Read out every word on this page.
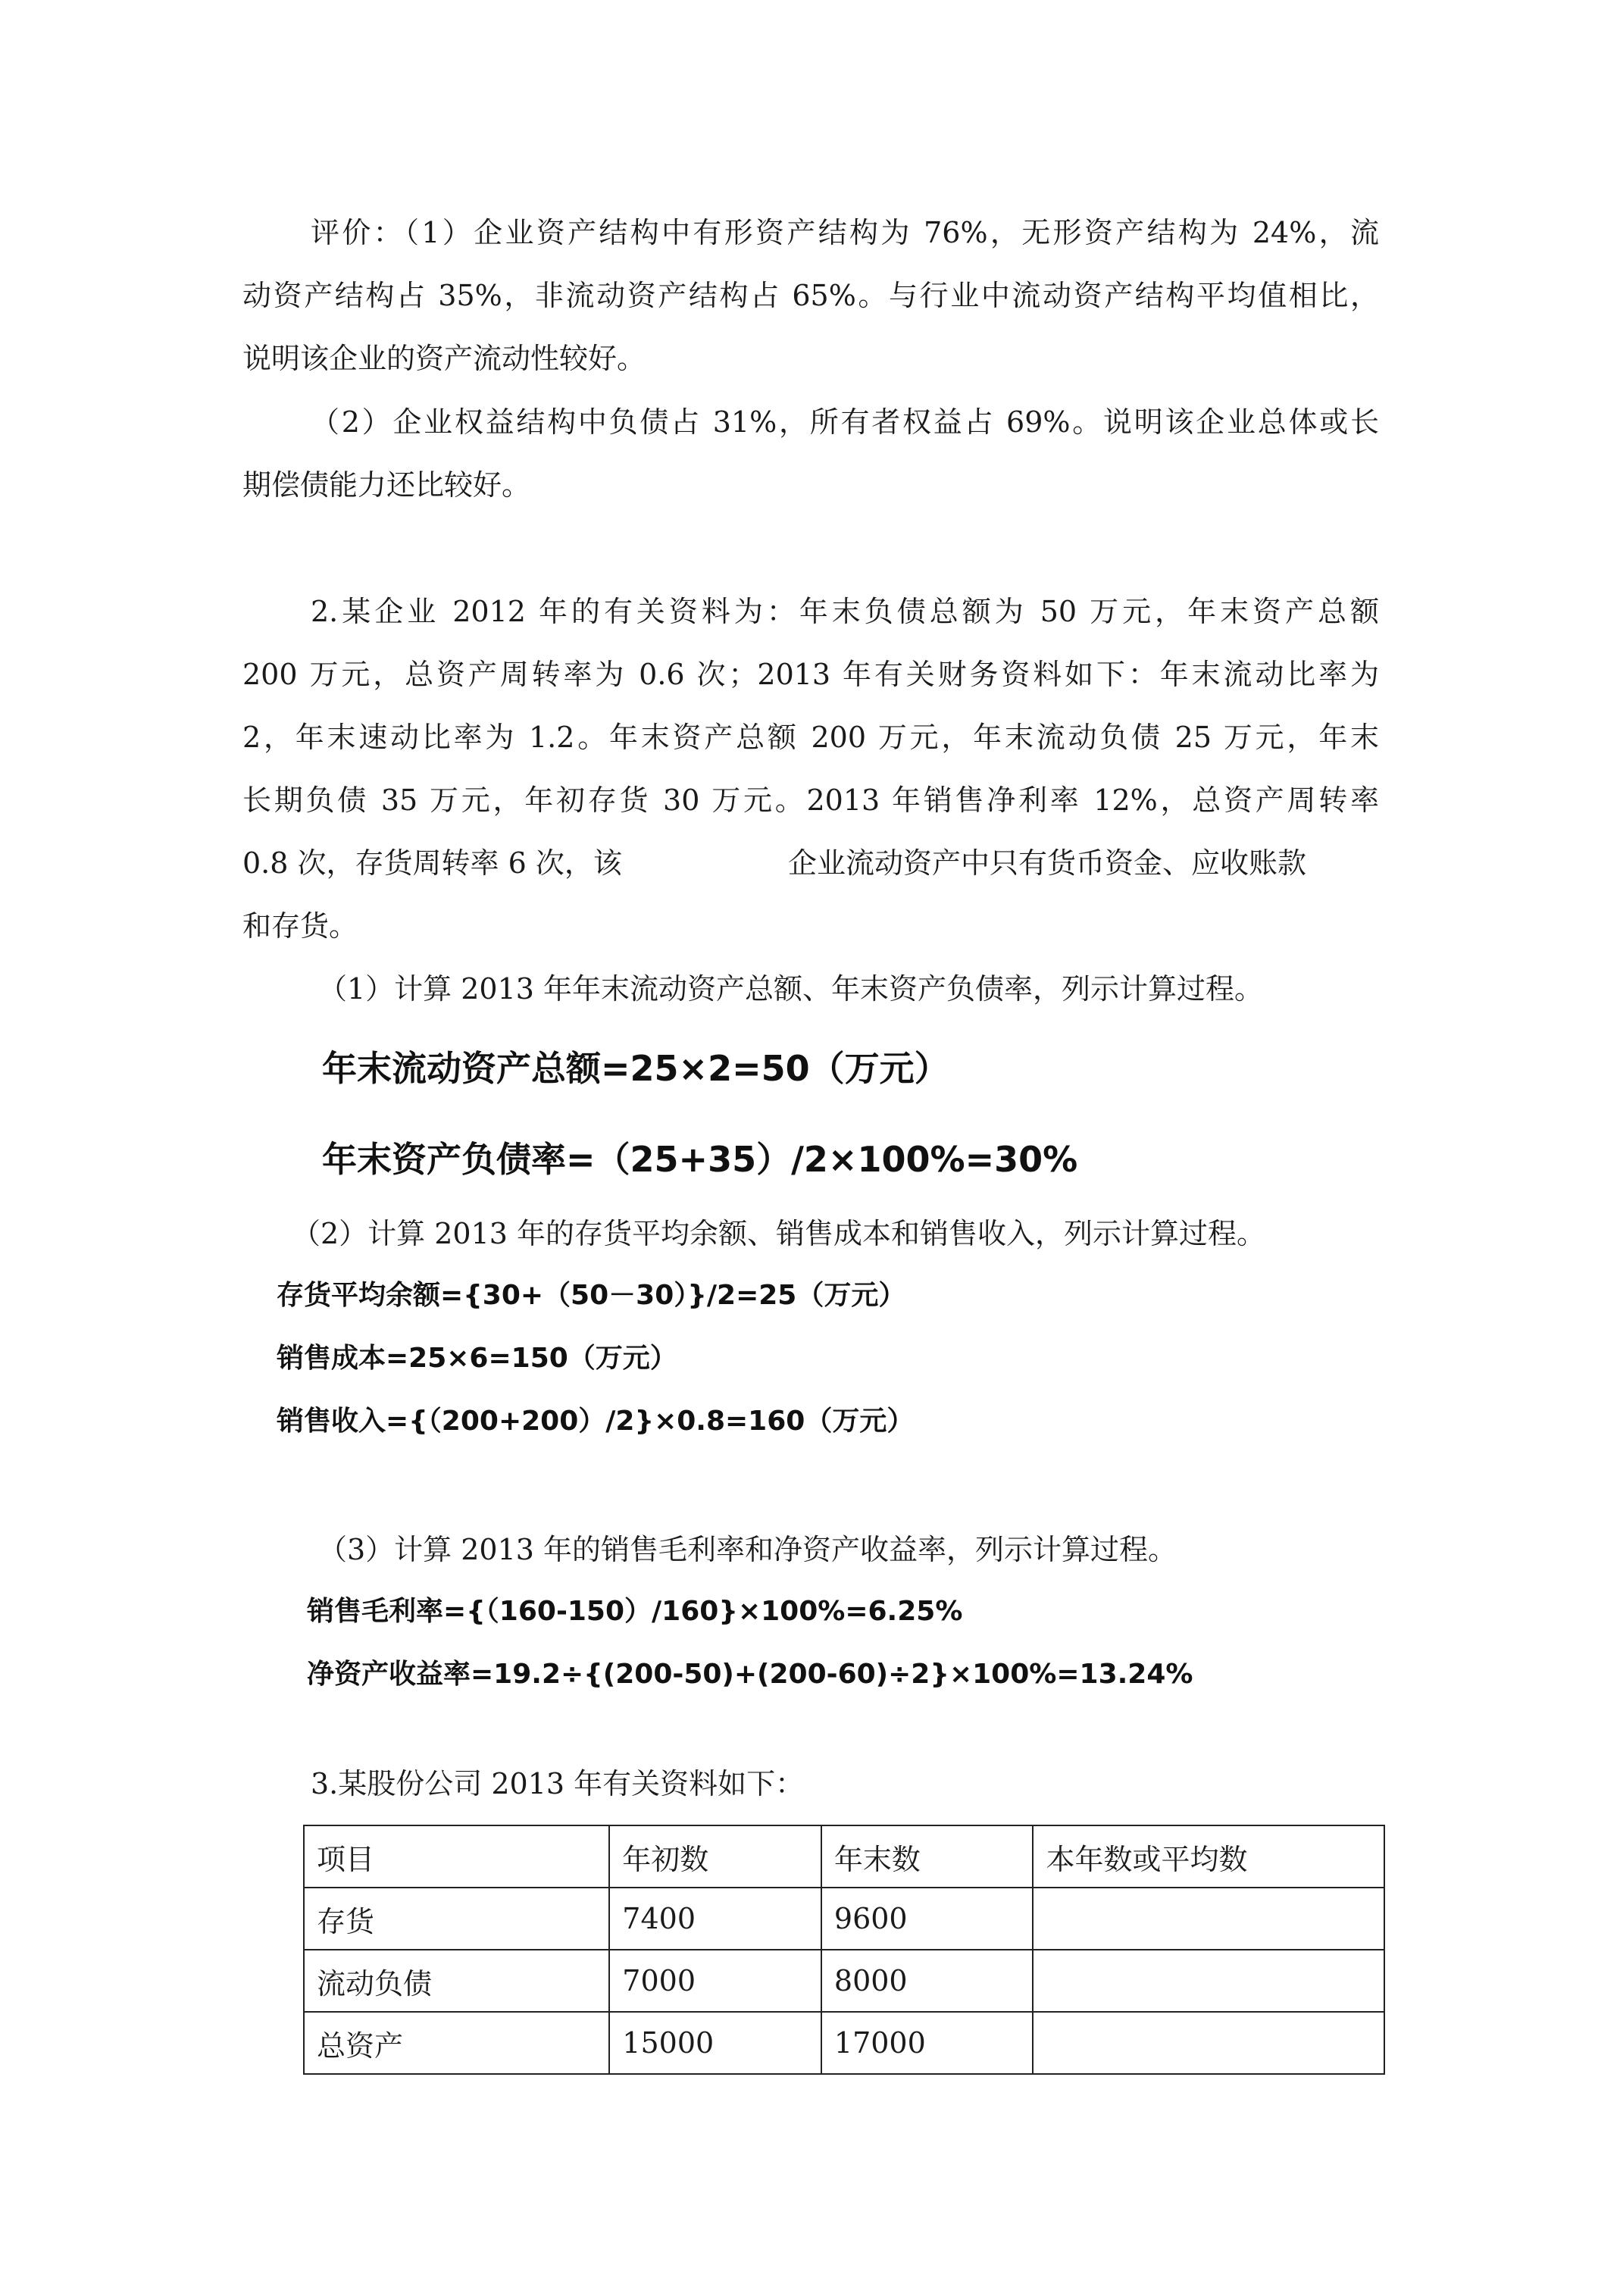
评价：（1）企业资产结构中有形资产结构为 76%，无形资产结构为 24%，流
动资产结构占 35%，非流动资产结构占 65%。与行业中流动资产结构平均值相比，
说明该企业的资产流动性较好。
（2）企业权益结构中负债占 31%，所有者权益占 69%。说明该企业总体或长
期偿债能力还比较好。
2.某企业 2012 年的有关资料为：年末负债总额为 50 万元，年末资产总额
200 万元，总资产周转率为 0.6 次；2013 年有关财务资料如下：年末流动比率为
2，年末速动比率为 1.2。年末资产总额 200 万元，年末流动负债 25 万元，年末
长期负债 35 万元，年初存货 30 万元。2013 年销售净利率 12%，总资产周转率
0.8 次，存货周转率 6 次，该	企业流动资产中只有货币资金、应收账款
和存货。
（1）计算 2013 年年末流动资产总额、年末资产负债率，列示计算过程。
年末流动资产总额=25×2=50（万元）
年末资产负债率=（25+35）/2×100%=30%
（2）计算 2013 年的存货平均余额、销售成本和销售收入，列示计算过程。
存货平均余额={30+（50－30）}/2=25（万元）
销售成本=25×6=150（万元）
销售收入={（200+200）/2}×0.8=160（万元）
（3）计算 2013 年的销售毛利率和净资产收益率，列示计算过程。
销售毛利率={（160-150）/160}×100%=6.25%
净资产收益率=19.2÷{(200-50)+(200-60)÷2}×100%=13.24%
3.某股份公司 2013 年有关资料如下：
项目	年初数	年末数	本年数或平均数
存货	7400	9600	
流动负债	7000	8000	
总资产	15000	17000	
